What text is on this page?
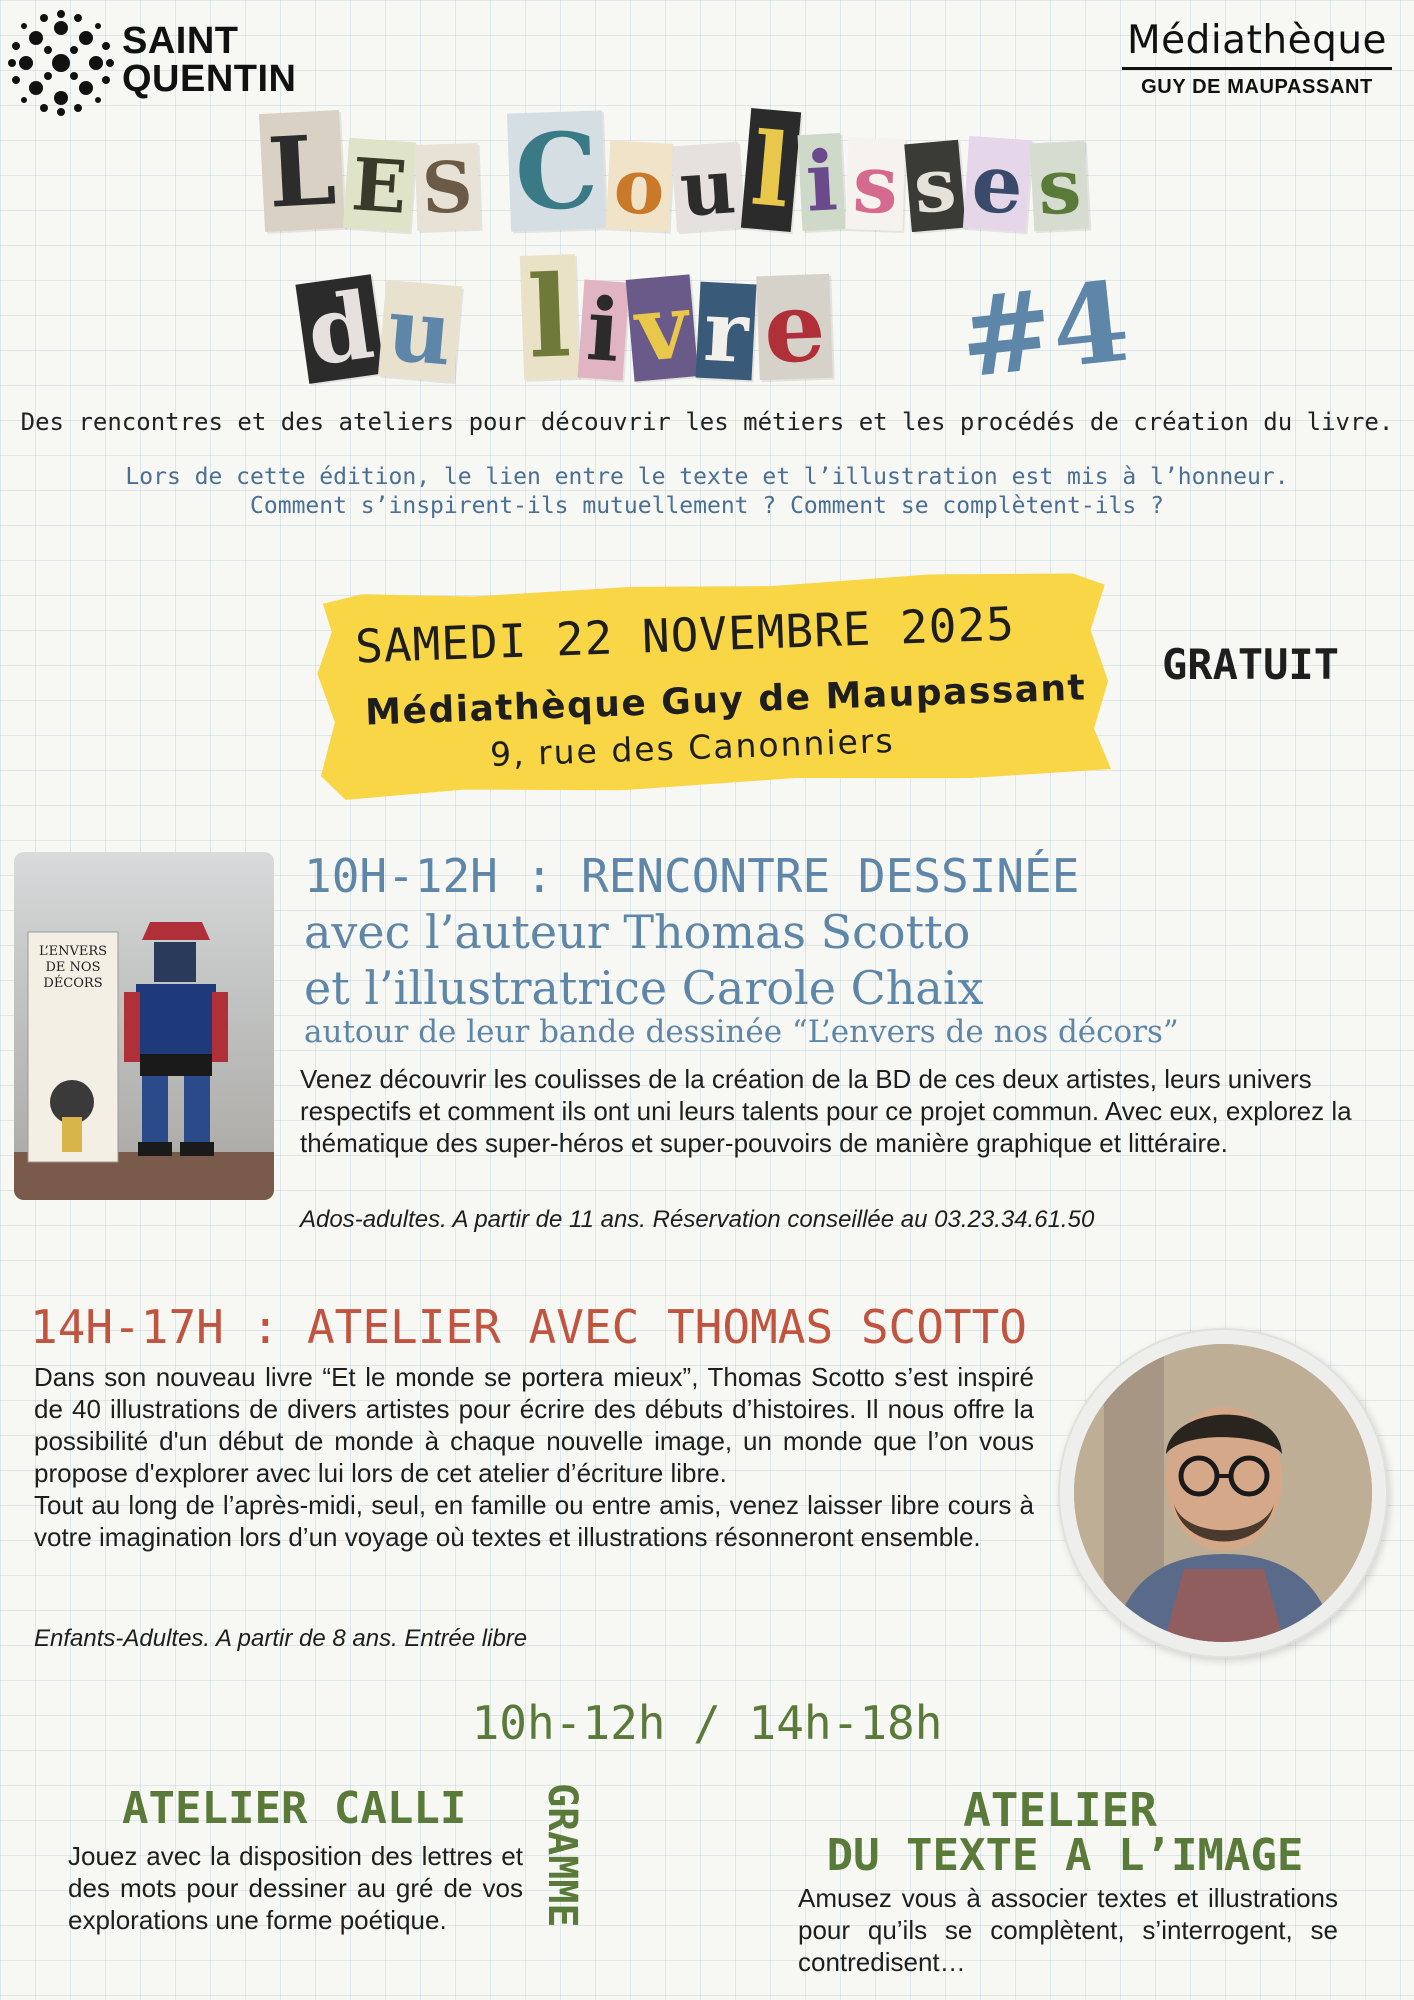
SAINT
QUENTIN
Médiathèque
GUY DE MAUPASSANT
L E S C o u l i s s e s
d u l i v r e #4
Des rencontres et des ateliers pour découvrir les métiers et les procédés de création du livre.
Lors de cette édition, le lien entre le texte et l’illustration est mis à l’honneur.
Comment s’inspirent-ils mutuellement ? Comment se complètent-ils ?
SAMEDI 22 NOVEMBRE 2025
Médiathèque Guy de Maupassant
9, rue des Canonniers
GRATUIT
L’ENVERS DE NOS DÉCORS
10H-12H : RENCONTRE DESSINÉE
avec l’auteur Thomas Scotto
et l’illustratrice Carole Chaix
autour de leur bande dessinée “L’envers de nos décors”
Venez découvrir les coulisses de la création de la BD de ces deux artistes, leurs univers respectifs et comment ils ont uni leurs talents pour ce projet commun. Avec eux, explorez la thématique des super-héros et super-pouvoirs de manière graphique et littéraire.
Ados-adultes. A partir de 11 ans. Réservation conseillée au 03.23.34.61.50
14H-17H : ATELIER AVEC THOMAS SCOTTO
Dans son nouveau livre “Et le monde se portera mieux”, Thomas Scotto s’est inspiré de 40 illustrations de divers artistes pour écrire des débuts d’histoires. Il nous offre la possibilité d'un début de monde à chaque nouvelle image, un monde que l’on vous propose d'explorer avec lui lors de cet atelier d’écriture libre.
Tout au long de l’après-midi, seul, en famille ou entre amis, venez laisser libre cours à votre imagination lors d’un voyage où textes et illustrations résonneront ensemble.
Enfants-Adultes. A partir de 8 ans. Entrée libre
10h-12h / 14h-18h
ATELIER CALLI GRAMME
Jouez avec la disposition des lettres et des mots pour dessiner au gré de vos explorations une forme poétique.
ATELIER
DU TEXTE A L’IMAGE
Amusez vous à associer textes et illustrations pour qu’ils se complètent, s’interrogent, se contredisent…
